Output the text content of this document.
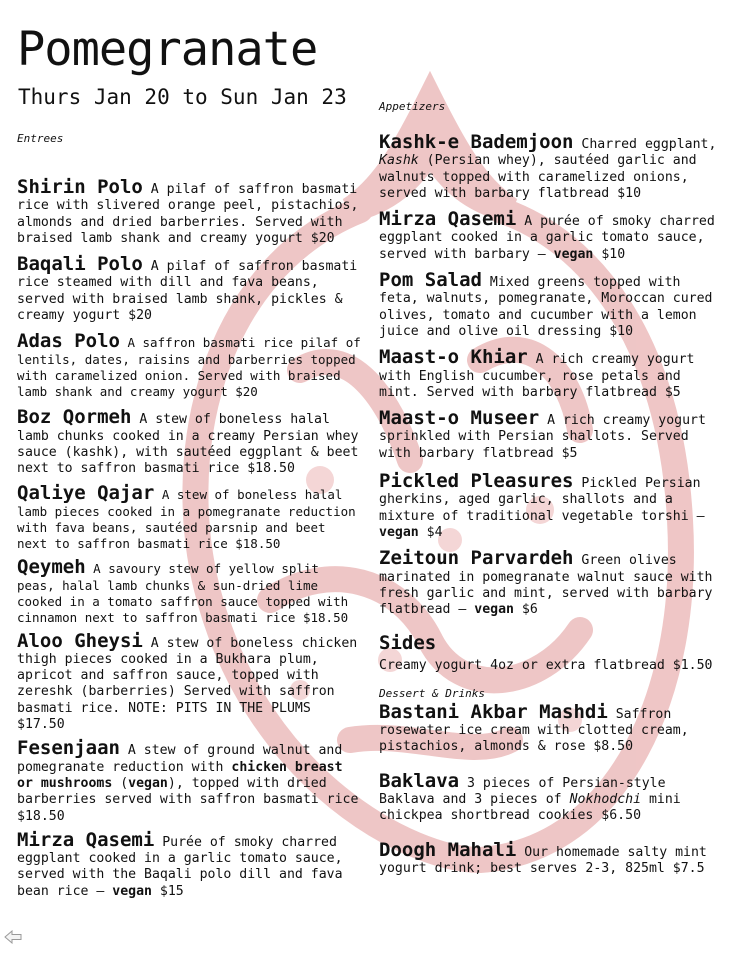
Pomegranate
Thurs Jan 20 to Sun Jan 23

Entrees

Shirin Polo A pilaf of saffron basmati rice with slivered orange peel, pistachios, almonds and dried barberries. Served with braised lamb shank and creamy yogurt $20
Baqali Polo A pilaf of saffron basmati rice steamed with dill and fava beans, served with braised lamb shank, pickles & creamy yogurt $20
Adas Polo A saffron basmati rice pilaf of lentils, dates, raisins and barberries topped with caramelized onion. Served with braised lamb shank and creamy yogurt $20
Boz Qormeh A stew of boneless halal lamb chunks cooked in a creamy Persian whey sauce (kashk), with sautéed eggplant & beet next to saffron basmati rice $18.50
Qaliye Qajar A stew of boneless halal lamb pieces cooked in a pomegranate reduction with fava beans, sautéed parsnip and beet next to saffron basmati rice $18.50
Qeymeh A savoury stew of yellow split peas, halal lamb chunks & sun-dried lime cooked in a tomato saffron sauce topped with cinnamon next to saffron basmati rice $18.50
Aloo Gheysi A stew of boneless chicken thigh pieces cooked in a Bukhara plum, apricot and saffron sauce, topped with zereshk (barberries) Served with saffron basmati rice. NOTE: PITS IN THE PLUMS $17.50
Fesenjaan A stew of ground walnut and pomegranate reduction with chicken breast or mushrooms (vegan), topped with dried barberries served with saffron basmati rice $18.50
Mirza Qasemi Purée of smoky charred eggplant cooked in a garlic tomato sauce, served with the Baqali polo dill and fava bean rice – vegan $15

Appetizers

Kashk-e Bademjoon Charred eggplant, Kashk (Persian whey), sautéed garlic and walnuts topped with caramelized onions, served with barbary flatbread $10
Mirza Qasemi A purée of smoky charred eggplant cooked in a garlic tomato sauce, served with barbary – vegan $10
Pom Salad Mixed greens topped with feta, walnuts, pomegranate, Moroccan cured olives, tomato and cucumber with a lemon juice and olive oil dressing $10
Maast-o Khiar A rich creamy yogurt with English cucumber, rose petals and mint. Served with barbary flatbread $5
Maast-o Museer A rich creamy yogurt sprinkled with Persian shallots. Served with barbary flatbread $5
Pickled Pleasures Pickled Persian gherkins, aged garlic, shallots and a mixture of traditional vegetable torshi – vegan $4
Zeitoun Parvardeh Green olives marinated in pomegranate walnut sauce with fresh garlic and mint, served with barbary flatbread – vegan $6

Sides

Creamy yogurt 4oz or extra flatbread $1.50

Dessert & Drinks

Bastani Akbar Mashdi Saffron rosewater ice cream with clotted cream, pistachios, almonds & rose $8.50
Baklava 3 pieces of Persian-style Baklava and 3 pieces of Nokhodchi mini chickpea shortbread cookies $6.50
Doogh Mahali Our homemade salty mint yogurt drink; best serves 2-3, 825ml $7.5
